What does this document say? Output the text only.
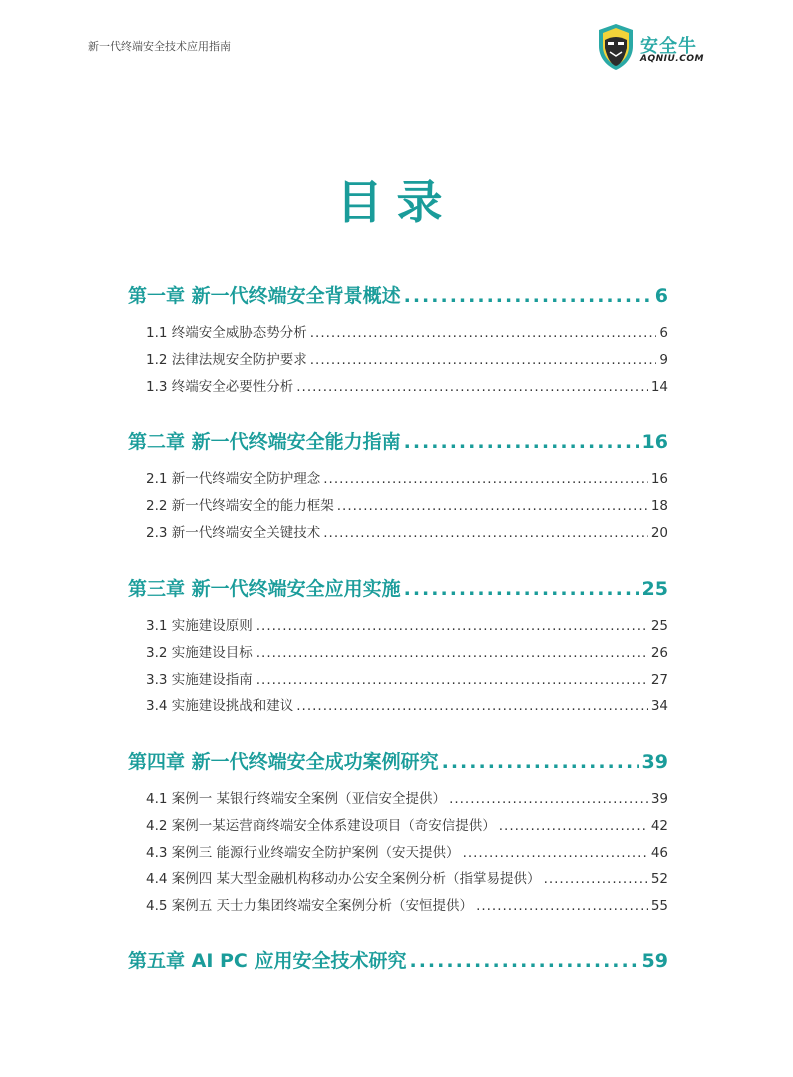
新一代终端安全技术应用指南	安全牛
AQNIU.COM
目录
第一章 新一代终端安全背景概述 .....	6
1.1 终端安全威胁态势分析 .....	6
1.2 法律法规安全防护要求 .....	9
1.3 终端安全必要性分析 .....	14
第二章 新一代终端安全能力指南 .....	16
2.1 新一代终端安全防护理念 .....	16
2.2 新一代终端安全的能力框架 .....	18
2.3 新一代终端安全关键技术 .....	20
第三章 新一代终端安全应用实施 .....	25
3.1 实施建设原则 .....	25
3.2 实施建设目标 .....	26
3.3 实施建设指南 .....	27
3.4 实施建设挑战和建议 .....	34
第四章 新一代终端安全成功案例研究 .....	39
4.1 案例一 某银行终端安全案例（亚信安全提供） .....	39
4.2 案例一某运营商终端安全体系建设项目（奇安信提供） .....	42
4.3 案例三 能源行业终端安全防护案例（安天提供） .....	46
4.4 案例四 某大型金融机构移动办公安全案例分析（指掌易提供） .....	52
4.5 案例五 天士力集团终端安全案例分析（安恒提供） .....	55
第五章 AI PC 应用安全技术研究 .....	59
